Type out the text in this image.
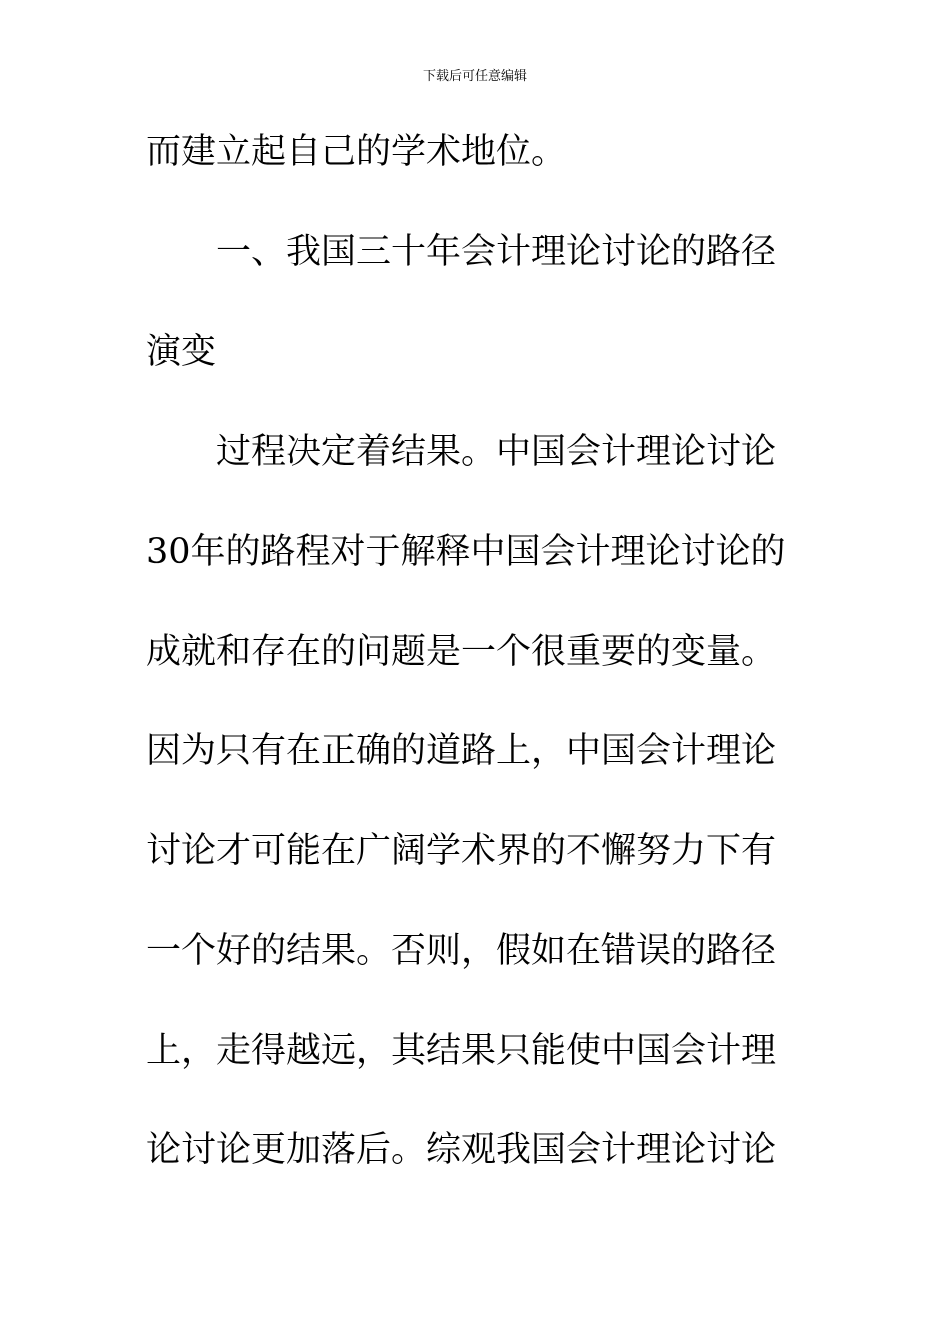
下载后可任意编辑
而建立起自己的学术地位。
一、我国三十年会计理论讨论的路径
演变
过程决定着结果。中国会计理论讨论
30年的路程对于解释中国会计理论讨论的
成就和存在的问题是一个很重要的变量。
因为只有在正确的道路上，中国会计理论
讨论才可能在广阔学术界的不懈努力下有
一个好的结果。否则，假如在错误的路径
上，走得越远，其结果只能使中国会计理
论讨论更加落后。综观我国会计理论讨论
